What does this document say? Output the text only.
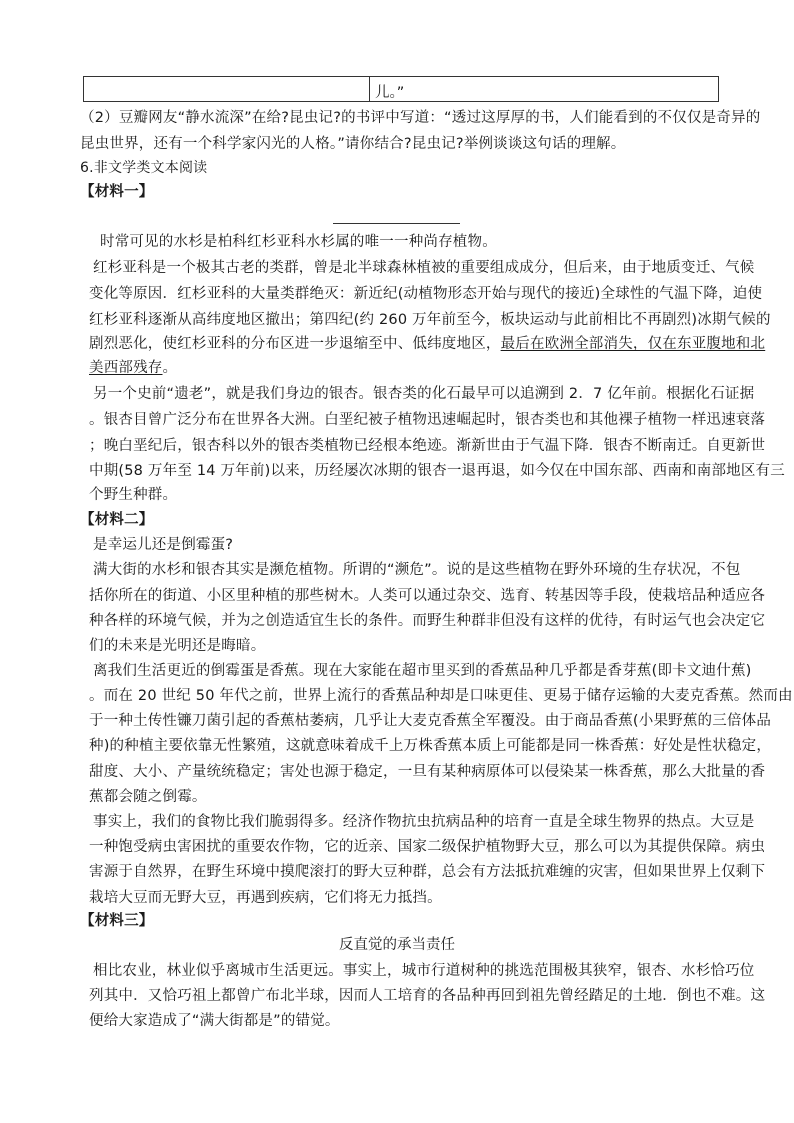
儿。”
（2）豆瓣网友“静水流深”在给?昆虫记?的书评中写道：“透过这厚厚的书，人们能看到的不仅仅是奇异的
昆虫世界，还有一个科学家闪光的人格。”请你结合?昆虫记?举例谈谈这句话的理解。
6.非文学类文本阅读
【材料一】
时常可见的水杉是柏科红杉亚科水杉属的唯一一种尚存植物。
红杉亚科是一个极其古老的类群，曾是北半球森林植被的重要组成成分，但后来，由于地质变迁、气候
变化等原因．红杉亚科的大量类群绝灭：新近纪(动植物形态开始与现代的接近)全球性的气温下降，迫使
红杉亚科逐渐从高纬度地区撤出；第四纪(约 260 万年前至今，板块运动与此前相比不再剧烈)冰期气候的
剧烈恶化，使红杉亚科的分布区进一步退缩至中、低纬度地区，最后在欧洲全部消失，仅在东亚腹地和北
美西部残存。
另一个史前“遗老”，就是我们身边的银杏。银杏类的化石最早可以追溯到 2．7 亿年前。根据化石证据
。银杏目曾广泛分布在世界各大洲。白垩纪被子植物迅速崛起时，银杏类也和其他裸子植物一样迅速衰落
；晚白垩纪后，银杏科以外的银杏类植物已经根本绝迹。渐新世由于气温下降．银杏不断南迁。自更新世
中期(58 万年至 14 万年前)以来，历经屡次冰期的银杏一退再退，如今仅在中国东部、西南和南部地区有三
个野生种群。
【材料二】
是幸运儿还是倒霉蛋?
满大街的水杉和银杏其实是濒危植物。所谓的“濒危”。说的是这些植物在野外环境的生存状况，不包
括你所在的街道、小区里种植的那些树木。人类可以通过杂交、选育、转基因等手段，使栽培品种适应各
种各样的环境气候，并为之创造适宜生长的条件。而野生种群非但没有这样的优待，有时运气也会决定它
们的未来是光明还是晦暗。
离我们生活更近的倒霉蛋是香蕉。现在大家能在超市里买到的香蕉品种几乎都是香芽蕉(即卡文迪什蕉)
。而在 20 世纪 50 年代之前，世界上流行的香蕉品种却是口味更佳、更易于储存运输的大麦克香蕉。然而由
于一种土传性镰刀菌引起的香蕉枯萎病，几乎让大麦克香蕉全军覆没。由于商品香蕉(小果野蕉的三倍体品
种)的种植主要依靠无性繁殖，这就意味着成千上万株香蕉本质上可能都是同一株香蕉：好处是性状稳定，
甜度、大小、产量统统稳定；害处也源于稳定，一旦有某种病原体可以侵染某一株香蕉，那么大批量的香
蕉都会随之倒霉。
事实上，我们的食物比我们脆弱得多。经济作物抗虫抗病品种的培育一直是全球生物界的热点。大豆是
一种饱受病虫害困扰的重要农作物，它的近亲、国家二级保护植物野大豆，那么可以为其提供保障。病虫
害源于自然界，在野生环境中摸爬滚打的野大豆种群，总会有方法抵抗难缠的灾害，但如果世界上仅剩下
栽培大豆而无野大豆，再遇到疾病，它们将无力抵挡。
【材料三】
反直觉的承当责任
相比农业，林业似乎离城市生活更远。事实上，城市行道树种的挑选范围极其狭窄，银杏、水杉恰巧位
列其中．又恰巧祖上都曾广布北半球，因而人工培育的各品种再回到祖先曾经踏足的土地．倒也不难。这
便给大家造成了“满大街都是”的错觉。
